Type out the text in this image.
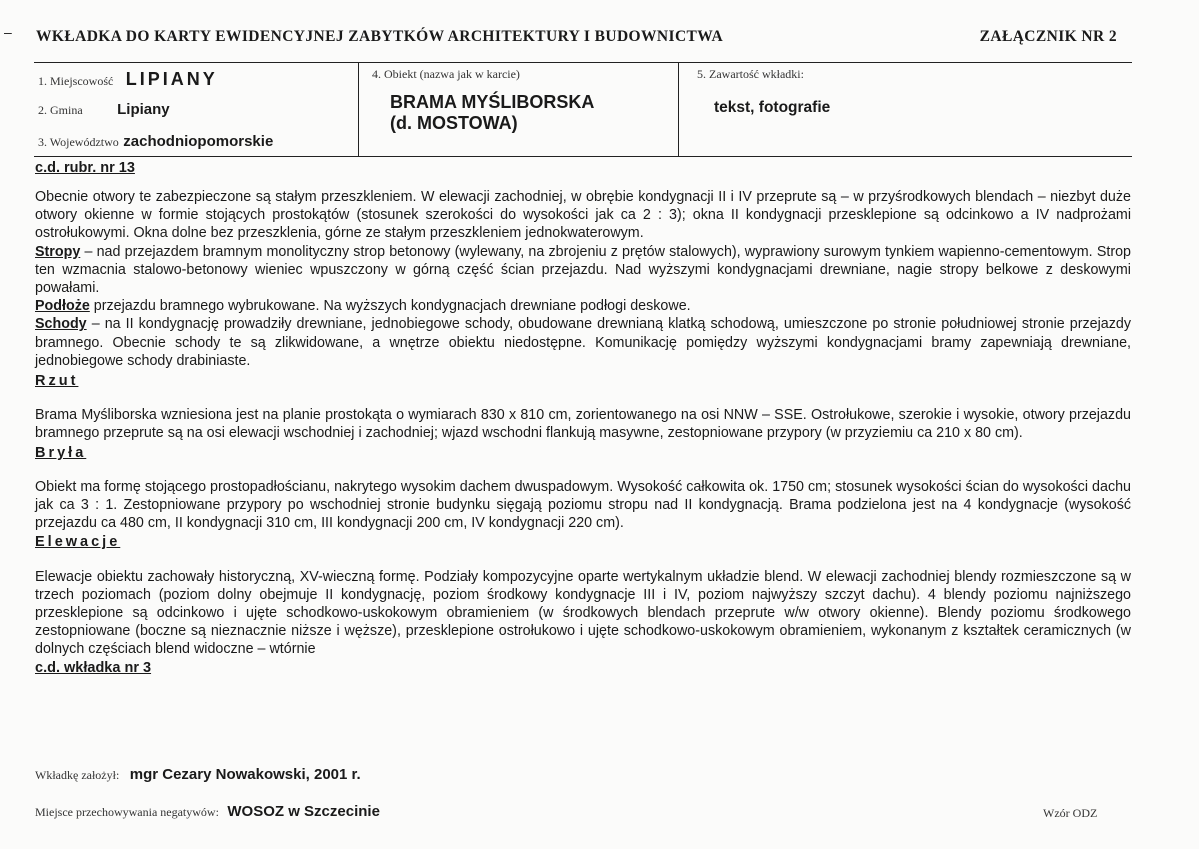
– WKŁADKA DO KARTY EWIDENCYJNEJ ZABYTKÓW ARCHITEKTURY I BUDOWNICTWA	ZAŁĄCZNIK NR 2
1. Miejscowość LIPIANY
2. Gmina Lipiany
3. Województwo zachodniopomorskie
4. Obiekt (nazwa jak w karcie)
BRAMA MYŚLIBORSKA
(d. MOSTOWA)
5. Zawartość wkładki:
tekst, fotografie
c.d. rubr. nr 13

Obecnie otwory te zabezpieczone są stałym przeszkleniem. W elewacji zachodniej, w obrębie kondygnacji II i IV przeprute są – w przyśrodkowych blendach – niezbyt duże otwory okienne w formie stojących prostokątów (stosunek szerokości do wysokości jak ca 2 : 3); okna II kondygnacji przesklepione są odcinkowo a IV nadprożami ostrołukowymi. Okna dolne bez przeszklenia, górne ze stałym przeszkleniem jednokwaterowym.

Stropy – nad przejazdem bramnym monolityczny strop betonowy (wylewany, na zbrojeniu z prętów stalowych), wyprawiony surowym tynkiem wapienno-cementowym. Strop ten wzmacnia stalowo-betonowy wieniec wpuszczony w górną część ścian przejazdu. Nad wyższymi kondygnacjami drewniane, nagie stropy belkowe z deskowymi powałami.

Podłoże przejazdu bramnego wybrukowane. Na wyższych kondygnacjach drewniane podłogi deskowe.

Schody – na II kondygnację prowadziły drewniane, jednobiegowe schody, obudowane drewnianą klatką schodową, umieszczone po stronie południowej stronie przejazdy bramnego. Obecnie schody te są zlikwidowane, a wnętrze obiektu niedostępne. Komunikację pomiędzy wyższymi kondygnacjami bramy zapewniają drewniane, jednobiegowe schody drabiniaste.

Rzut

Brama Myśliborska wzniesiona jest na planie prostokąta o wymiarach 830 x 810 cm, zorientowanego na osi NNW – SSE. Ostrołukowe, szerokie i wysokie, otwory przejazdu bramnego przeprute są na osi elewacji wschodniej i zachodniej; wjazd wschodni flankują masywne, zestopniowane przypory (w przyziemiu ca 210 x 80 cm).

Bryła

Obiekt ma formę stojącego prostopadłościanu, nakrytego wysokim dachem dwuspadowym. Wysokość całkowita ok. 1750 cm; stosunek wysokości ścian do wysokości dachu jak ca 3 : 1. Zestopniowane przypory po wschodniej stronie budynku sięgają poziomu stropu nad II kondygnacją. Brama podzielona jest na 4 kondygnacje (wysokość przejazdu ca 480 cm, II kondygnacji 310 cm, III kondygnacji 200 cm, IV kondygnacji 220 cm).

Elewacje

Elewacje obiektu zachowały historyczną, XV-wieczną formę. Podziały kompozycyjne oparte wertykalnym układzie blend. W elewacji zachodniej blendy rozmieszczone są w trzech poziomach (poziom dolny obejmuje II kondygnację, poziom środkowy kondygnacje III i IV, poziom najwyższy szczyt dachu). 4 blendy poziomu najniższego przesklepione są odcinkowo i ujęte schodkowo-uskokowym obramieniem (w środkowych blendach przeprute w/w otwory okienne). Blendy poziomu środkowego zestopniowane (boczne są nieznacznie niższe i węższe), przesklepione ostrołukowo i ujęte schodkowo-uskokowym obramieniem, wykonanym z kształtek ceramicznych (w dolnych częściach blend widoczne – wtórnie

c.d. wkładka nr 3

Wkładkę założył: mgr Cezary Nowakowski, 2001 r.
Miejsce przechowywania negatywów: WOSOZ w Szczecinie	Wzór ODZ
